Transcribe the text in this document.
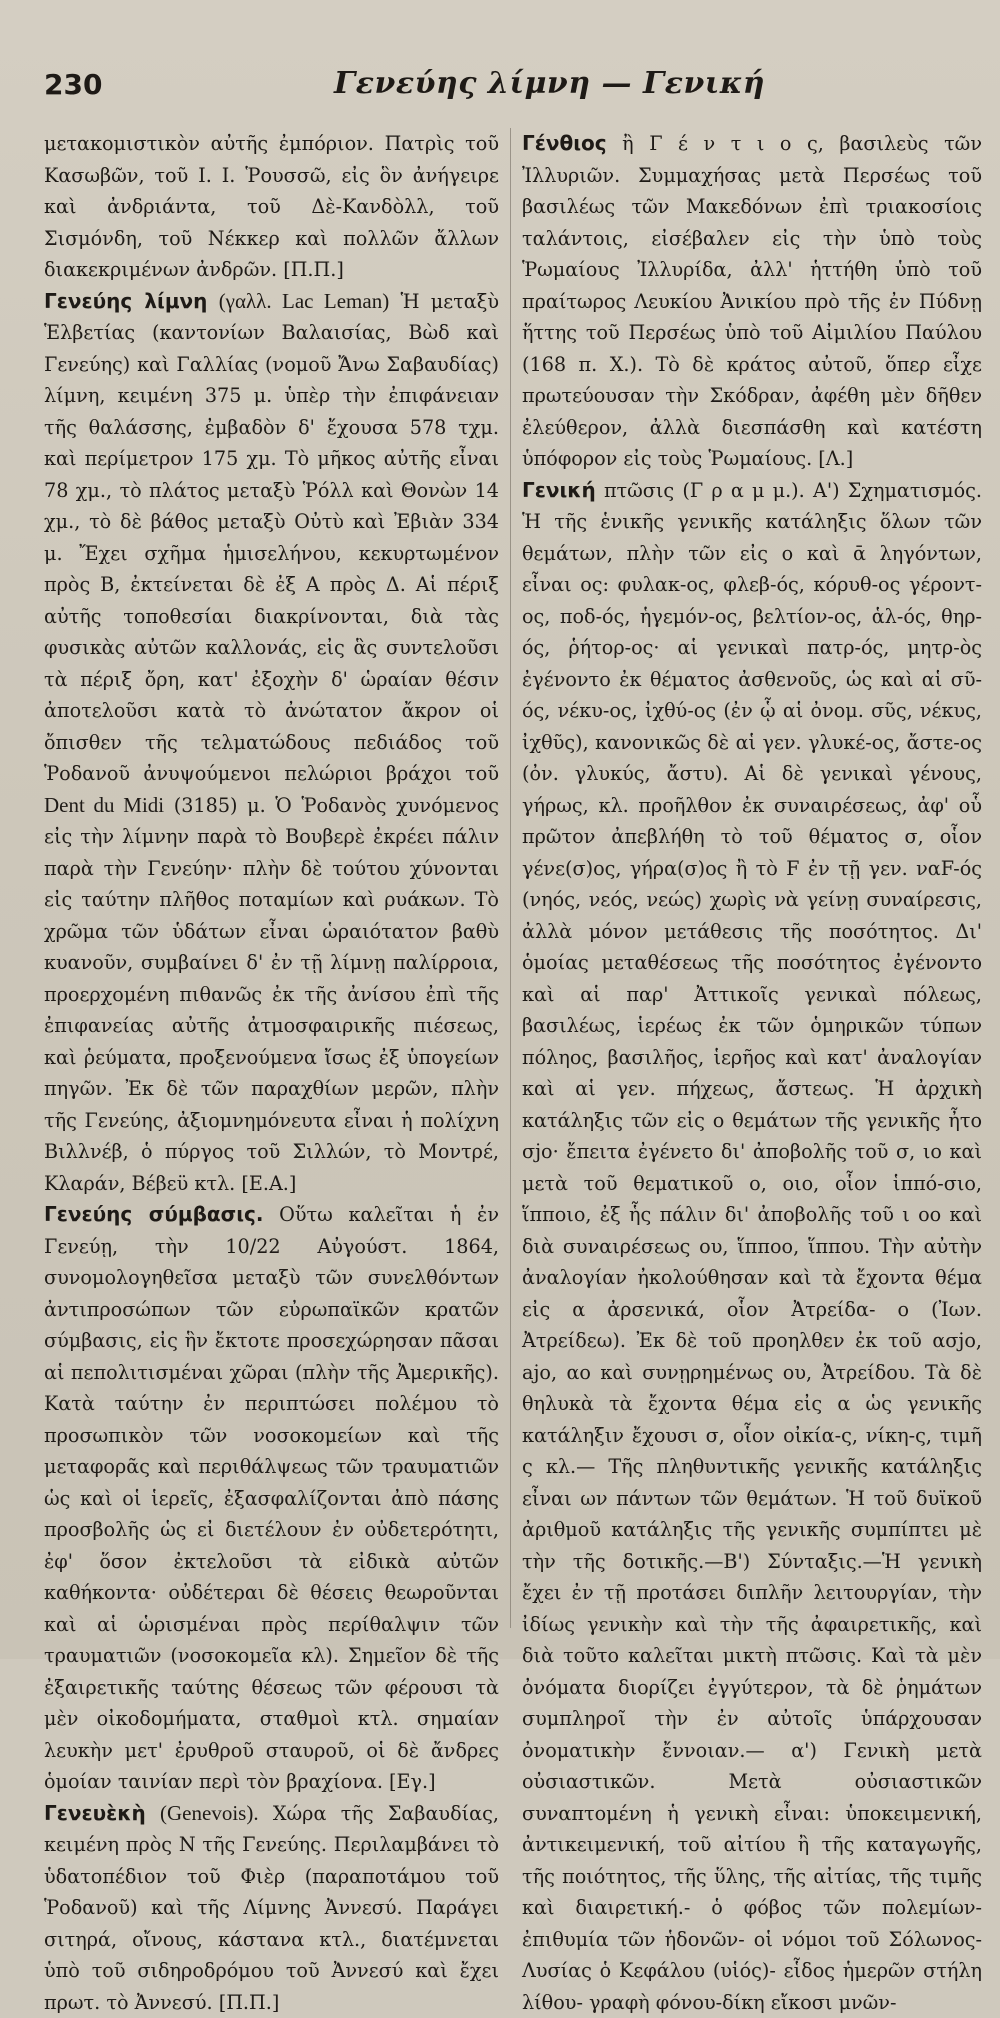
230	Γενεύης λίμνη — Γενική

μετακομιστικὸν αὐτῆς ἐμπόριον. Πατρὶς τοῦ Κασωβῶν, τοῦ Ι. Ι. Ῥουσσῶ, εἰς ὃν ἀνήγειρε καὶ ἀνδριάντα, τοῦ Δὲ-Κανδὸλλ, τοῦ Σισμόνδη, τοῦ Νέκκερ καὶ πολλῶν ἄλλων διακεκριμένων ἀνδρῶν. [Π.Π.]

Γενεύης λίμνη (γαλλ. Lac Leman) Ἡ μεταξὺ Ἑλβετίας (καντονίων Βαλαισίας, Βὼδ καὶ Γενεύης) καὶ Γαλλίας (νομοῦ Ἄνω Σαβαυδίας) λίμνη, κειμένη 375 μ. ὑπὲρ τὴν ἐπιφάνειαν τῆς θαλάσσης, ἐμβαδὸν δ' ἔχουσα 578 τχμ. καὶ περίμετρον 175 χμ. Τὸ μῆκος αὐτῆς εἶναι 78 χμ., τὸ πλάτος μεταξὺ Ῥόλλ καὶ Θονὼν 14 χμ., τὸ δὲ βάθος μεταξὺ Οὐτὺ καὶ Ἐβιὰν 334 μ. Ἔχει σχῆμα ἡμισελήνου, κεκυρτωμένον πρὸς Β, ἐκτείνεται δὲ ἐξ Α πρὸς Δ. Αἱ πέριξ αὐτῆς τοποθεσίαι διακρίνονται, διὰ τὰς φυσικὰς αὐτῶν καλλονάς, εἰς ἃς συντελοῦσι τὰ πέριξ ὄρη, κατ' ἐξοχὴν δ' ὡραίαν θέσιν ἀποτελοῦσι κατὰ τὸ ἀνώτατον ἄκρον οἱ ὄπισθεν τῆς τελματώδους πεδιάδος τοῦ Ῥοδανοῦ ἀνυψούμενοι πελώριοι βράχοι τοῦ Dent du Midi (3185) μ. Ὁ Ῥοδανὸς χυνόμενος εἰς τὴν λίμνην παρὰ τὸ Βουβερὲ ἐκρέει πάλιν παρὰ τὴν Γενεύην· πλὴν δὲ τούτου χύνονται εἰς ταύτην πλῆθος ποταμίων καὶ ρυάκων. Τὸ χρῶμα τῶν ὑδάτων εἶναι ὡραιότατον βαθὺ κυανοῦν, συμβαίνει δ' ἐν τῇ λίμνῃ παλίρροια, προερχομένη πιθανῶς ἐκ τῆς ἀνίσου ἐπὶ τῆς ἐπιφανείας αὐτῆς ἀτμοσφαιρικῆς πιέσεως, καὶ ῥεύματα, προξενούμενα ἴσως ἐξ ὑπογείων πηγῶν. Ἐκ δὲ τῶν παραχθίων μερῶν, πλὴν τῆς Γενεύης, ἀξιομνημόνευτα εἶναι ἡ πολίχνη Βιλλνέβ, ὁ πύργος τοῦ Σιλλών, τὸ Μοντρέ, Κλαράν, Βέβεϋ κτλ. [Ε.Α.]

Γενεύης σύμβασις. Οὕτω καλεῖται ἡ ἐν Γενεύῃ, τὴν 10/22 Αὐγούστ. 1864, συνομολογηθεῖσα μεταξὺ τῶν συνελθόντων ἀντιπροσώπων τῶν εὐρωπαϊκῶν κρατῶν σύμβασις, εἰς ἣν ἔκτοτε προσεχώρησαν πᾶσαι αἱ πεπολιτισμέναι χῶραι (πλὴν τῆς Ἀμερικῆς). Κατὰ ταύτην ἐν περιπτώσει πολέμου τὸ προσωπικὸν τῶν νοσοκομείων καὶ τῆς μεταφορᾶς καὶ περιθάλψεως τῶν τραυματιῶν ὡς καὶ οἱ ἱερεῖς, ἐξασφαλίζονται ἀπὸ πάσης προσβολῆς ὡς εἰ διετέλουν ἐν οὐδετερότητι, ἐφ' ὅσον ἐκτελοῦσι τὰ εἰδικὰ αὐτῶν καθήκοντα· οὐδέτεραι δὲ θέσεις θεωροῦνται καὶ αἱ ὡρισμέναι πρὸς περίθαλψιν τῶν τραυματιῶν (νοσοκομεῖα κλ). Σημεῖον δὲ τῆς ἐξαιρετικῆς ταύτης θέσεως τῶν φέρουσι τὰ μὲν οἰκοδομήματα, σταθμοὶ κτλ. σημαίαν λευκὴν μετ' ἐρυθροῦ σταυροῦ, οἱ δὲ ἄνδρες ὁμοίαν ταινίαν περὶ τὸν βραχίονα. [Εγ.]

Γενευὲκὴ (Genevois). Χώρα τῆς Σαβαυδίας, κειμένη πρὸς Ν τῆς Γενεύης. Περιλαμβάνει τὸ ὑδατοπέδιον τοῦ Φιὲρ (παραποτάμου τοῦ Ῥοδανοῦ) καὶ τῆς Λίμνης Ἀννεσύ. Παράγει σιτηρά, οἴνους, κάστανα κτλ., διατέμνεται ὑπὸ τοῦ σιδηροδρόμου τοῦ Ἀννεσύ καὶ ἔχει πρωτ. τὸ Ἀννεσύ. [Π.Π.]

Γένθιος ἢ Γ έ ν τ ι ο ς, βασιλεὺς τῶν Ἰλλυριῶν. Συμμαχήσας μετὰ Περσέως τοῦ βασιλέως τῶν Μακεδόνων ἐπὶ τριακοσίοις ταλάντοις, εἰσέβαλεν εἰς τὴν ὑπὸ τοὺς Ῥωμαίους Ἰλλυρίδα, ἀλλ' ἡττήθη ὑπὸ τοῦ πραίτωρος Λευκίου Ἀνικίου πρὸ τῆς ἐν Πύδνῃ ἥττης τοῦ Περσέως ὑπὸ τοῦ Αἰμιλίου Παύλου (168 π. Χ.). Τὸ δὲ κράτος αὐτοῦ, ὅπερ εἶχε πρωτεύουσαν τὴν Σκόδραν, ἀφέθη μὲν δῆθεν ἐλεύθερον, ἀλλὰ διεσπάσθη καὶ κατέστη ὑπόφορον εἰς τοὺς Ῥωμαίους. [Λ.]

Γενική πτῶσις (Γ ρ α μ μ.). Α') Σχηματισμός. Ἡ τῆς ἑνικῆς γενικῆς κατάληξις ὅλων τῶν θεμάτων, πλὴν τῶν εἰς ο καὶ ᾱ ληγόντων, εἶναι ος: φυλακ-ος, φλεβ-ός, κόρυθ-ος γέροντ-ος, ποδ-ός, ἡγεμόν-ος, βελτίον-ος, ἁλ-ός, θηρ-ός, ῥήτορ-ος· αἱ γενικαὶ πατρ-ός, μητρ-ὸς ἐγένοντο ἐκ θέματος ἀσθενοῦς, ὡς καὶ αἱ σῦ-ός, νέκυ-ος, ἰχθύ-ος (ἐν ᾧ αἱ ὀνομ. σῦς, νέκυς, ἰχθῦς), κανονικῶς δὲ αἱ γεν. γλυκέ-ος, ἄστε-ος (ὀν. γλυκύς, ἄστυ). Αἱ δὲ γενικαὶ γένους, γήρως, κλ. προῆλθον ἐκ συναιρέσεως, ἀφ' οὗ πρῶτον ἀπεβλήθη τὸ τοῦ θέματος σ, οἷον γένε(σ)ος, γήρα(σ)ος ἢ τὸ F ἐν τῇ γεν. ναF-ός (νηός, νεός, νεώς) χωρὶς νὰ γείνῃ συναίρεσις, ἀλλὰ μόνον μετάθεσις τῆς ποσότητος. Δι' ὁμοίας μεταθέσεως τῆς ποσότητος ἐγένοντο καὶ αἱ παρ' Ἀττικοῖς γενικαὶ πόλεως, βασιλέως, ἱερέως ἐκ τῶν ὁμηρικῶν τύπων πόληος, βασιλῆος, ἱερῆος καὶ κατ' ἀναλογίαν καὶ αἱ γεν. πήχεως, ἄστεως. Ἡ ἀρχικὴ κατάληξις τῶν εἰς ο θεμάτων τῆς γενικῆς ἦτο σjο· ἔπειτα ἐγένετο δι' ἀποβολῆς τοῦ σ, ιο καὶ μετὰ τοῦ θεματικοῦ ο, οιο, οἷον ἱππό-σιο, ἵπποιο, ἐξ ἧς πάλιν δι' ἀποβολῆς τοῦ ι οο καὶ διὰ συναιρέσεως ου, ἵπποο, ἵππου. Τὴν αὐτὴν ἀναλογίαν ἠκολούθησαν καὶ τὰ ἔχοντα θέμα εἰς α ἀρσενικά, οἷον Ἀτρείδα- ο (Ἰων. Ἀτρείδεω). Ἐκ δὲ τοῦ προηλθεν ἐκ τοῦ ασjο, ajο, αο καὶ συνῃρημένως ου, Ἀτρείδου. Τὰ δὲ θηλυκὰ τὰ ἔχοντα θέμα εἰς α ὡς γενικῆς κατάληξιν ἔχουσι σ, οἷον οἰκία-ς, νίκη-ς, τιμῆ ς κλ.— Τῆς πληθυντικῆς γενικῆς κατάληξις εἶναι ων πάντων τῶν θεμάτων. Ἡ τοῦ δυϊκοῦ ἀριθμοῦ κατάληξις τῆς γενικῆς συμπίπτει μὲ τὴν τῆς δοτικῆς.—Β') Σύνταξις.—Ἡ γενικὴ ἔχει ἐν τῇ προτάσει διπλῆν λειτουργίαν, τὴν ἰδίως γενικὴν καὶ τὴν τῆς ἀφαιρετικῆς, καὶ διὰ τοῦτο καλεῖται μικτὴ πτῶσις. Καὶ τὰ μὲν ὀνόματα διορίζει ἐγγύτερον, τὰ δὲ ῥημάτων συμπληροῖ τὴν ἐν αὐτοῖς ὑπάρχουσαν ὀνοματικὴν ἔννοιαν.— α') Γενικὴ μετὰ οὐσιαστικῶν. Μετὰ οὐσιαστικῶν συναπτομένη ἡ γενικὴ εἶναι: ὑποκειμενική, ἀντικειμενική, τοῦ αἰτίου ἢ τῆς καταγωγῆς, τῆς ποιότητος, τῆς ὕλης, τῆς αἰτίας, τῆς τιμῆς καὶ διαιρετική.- ὁ φόβος τῶν πολεμίων-ἐπιθυμία τῶν ἡδονῶν- οἱ νόμοι τοῦ Σόλωνος- Λυσίας ὁ Κεφάλου (υἱός)- εἷδος ἡμερῶν στήλη λίθου- γραφὴ φόνου-δίκη εἴκοσι μνῶν-
